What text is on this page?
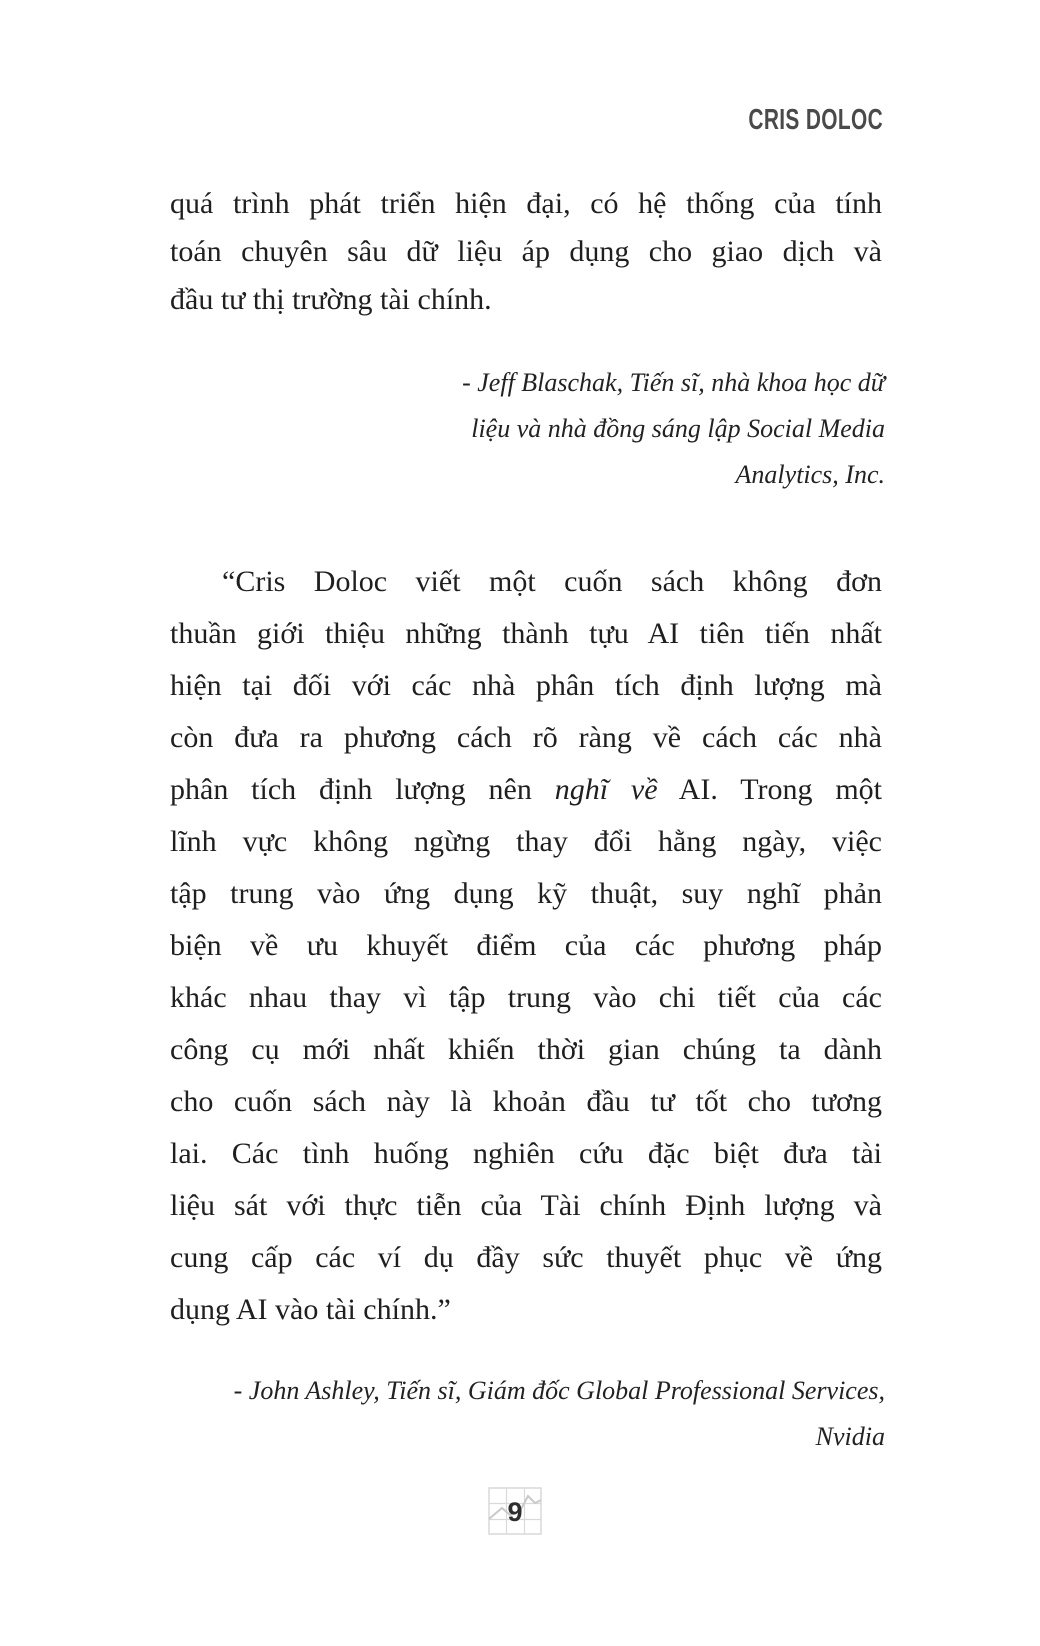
CRIS DOLOC
quá trình phát triển hiện đại, có hệ thống của tính
toán chuyên sâu dữ liệu áp dụng cho giao dịch và
đầu tư thị trường tài chính.
- Jeff Blaschak, Tiến sĩ, nhà khoa học dữ
liệu và nhà đồng sáng lập Social Media
Analytics, Inc.
“Cris Doloc viết một cuốn sách không đơn
thuần giới thiệu những thành tựu AI tiên tiến nhất
hiện tại đối với các nhà phân tích định lượng mà
còn đưa ra phương cách rõ ràng về cách các nhà
phân tích định lượng nên nghĩ về AI. Trong một
lĩnh vực không ngừng thay đổi hằng ngày, việc
tập trung vào ứng dụng kỹ thuật, suy nghĩ phản
biện về ưu khuyết điểm của các phương pháp
khác nhau thay vì tập trung vào chi tiết của các
công cụ mới nhất khiến thời gian chúng ta dành
cho cuốn sách này là khoản đầu tư tốt cho tương
lai. Các tình huống nghiên cứu đặc biệt đưa tài
liệu sát với thực tiễn của Tài chính Định lượng và
cung cấp các ví dụ đầy sức thuyết phục về ứng
dụng AI vào tài chính.”
- John Ashley, Tiến sĩ, Giám đốc Global Professional Services,
Nvidia
9
